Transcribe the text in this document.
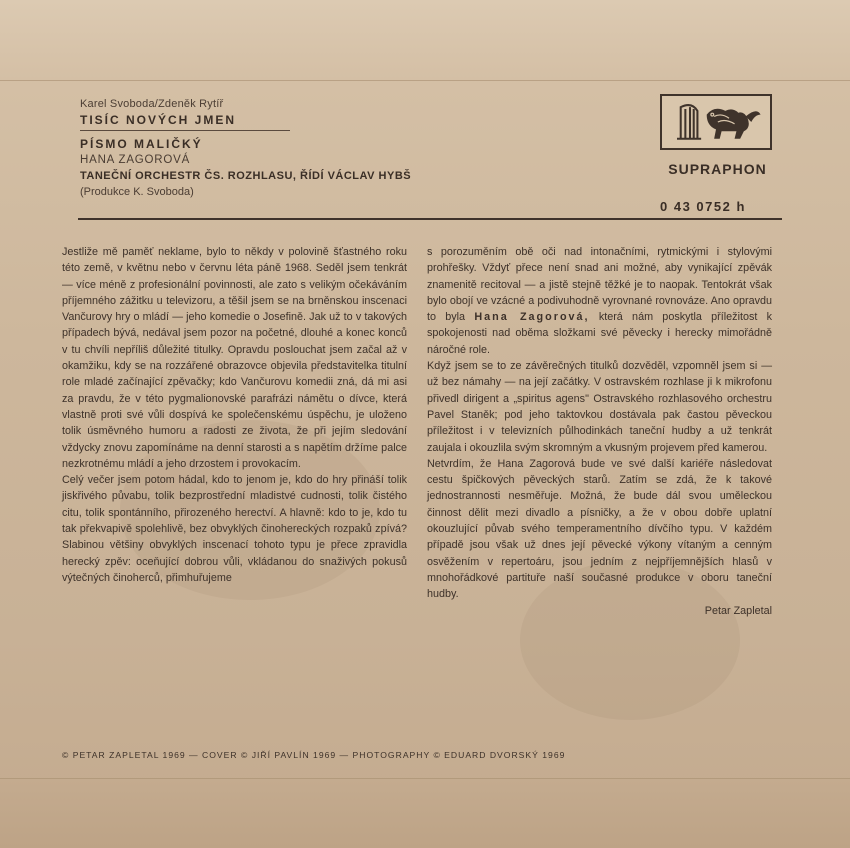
Karel Svoboda/Zdeněk Rytíř
TISÍC NOVÝCH JMEN
PÍSMO MALIČKÝ
HANA ZAGOROVÁ
TANEČNÍ ORCHESTR ČS. ROZHLASU, ŘÍDÍ VÁCLAV HYBŠ
(Produkce K. Svoboda)
SUPRAPHON
0 43 0752 h

Jestliže mě paměť neklame, bylo to někdy v polovině šťastného roku této země, v květnu nebo v červnu léta páně 1968. Seděl jsem tenkrát — více méně z profesionální povinnosti, ale zato s velikým očekáváním příjemného zážitku u televizoru, a těšil jsem se na brněnskou inscenaci Vančurovy hry o mládí — jeho komedie o Josefině. Jak už to v takových případech bývá, nedával jsem pozor na početné, dlouhé a konec konců v tu chvíli nepříliš důležité titulky. Opravdu poslouchat jsem začal až v okamžiku, kdy se na rozzářené obrazovce objevila představitelka titulní role mladé začínající zpěvačky; kdo Vančurovu komedii zná, dá mi asi za pravdu, že v této pygmalionovské parafrázi námětu o dívce, která vlastně proti své vůli dospívá ke společenskému úspěchu, je uloženo tolik úsměvného humoru a radosti ze života, že při jejím sledování vždycky znovu zapomínáme na denní starosti a s napětím držíme palce nezkrotnému mládí a jeho drzostem i provokacím.

Celý večer jsem potom hádal, kdo to jenom je, kdo do hry přináší tolik jiskřivého půvabu, tolik bezprostřední mladistvé cudnosti, tolik čistého citu, tolik spontánního, přirozeného herectví. A hlavně: kdo to je, kdo tu tak překvapivě spolehlivě, bez obvyklých činohereckých rozpaků zpívá? Slabinou většiny obvyklých inscenací tohoto typu je přece zpravidla herecký zpěv: oceňující dobrou vůli, vkládanou do snaživých pokusů výtečných činoherců, přimhuřujeme

s porozuměním obě oči nad intonačními, rytmickými i stylovými prohřešky. Vždyť přece není snad ani možné, aby vynikající zpěvák znamenitě recitoval — a jistě stejně těžké je to naopak. Tentokrát však bylo obojí ve vzácné a podivuhodně vyrovnané rovnováze. Ano opravdu to byla Hana Zagorová, která nám poskytla příležitost k spokojenosti nad oběma složkami své pěvecky i herecky mimořádně náročné role.

Když jsem se to ze závěrečných titulků dozvěděl, vzpomněl jsem si — už bez námahy — na její začátky. V ostravském rozhlase ji k mikrofonu přivedl dirigent a „spiritus agens" Ostravského rozhlasového orchestru Pavel Staněk; pod jeho taktovkou dostávala pak častou pěveckou příležitost i v televizních půlhodinkách taneční hudby a už tenkrát zaujala i okouzlila svým skromným a vkusným projevem před kamerou.

Netvrdím, že Hana Zagorová bude ve své další kariéře následovat cestu špičkových pěveckých starů. Zatím se zdá, že k takové jednostrannosti nesměřuje. Možná, že bude dál svou uměleckou činnost dělit mezi divadlo a písničky, a že v obou dobře uplatní okouzlující půvab svého temperamentního dívčího typu. V každém případě jsou však už dnes její pěvecké výkony vítaným a cenným osvěžením v repertoáru, jsou jedním z nejpříjemnějších hlasů v mnohořádkové partituře naší současné produkce v oboru taneční hudby.

Petar Zapletal

© PETAR ZAPLETAL 1969 — COVER © JIŘÍ PAVLÍN 1969 — PHOTOGRAPHY © EDUARD DVORSKÝ 1969
